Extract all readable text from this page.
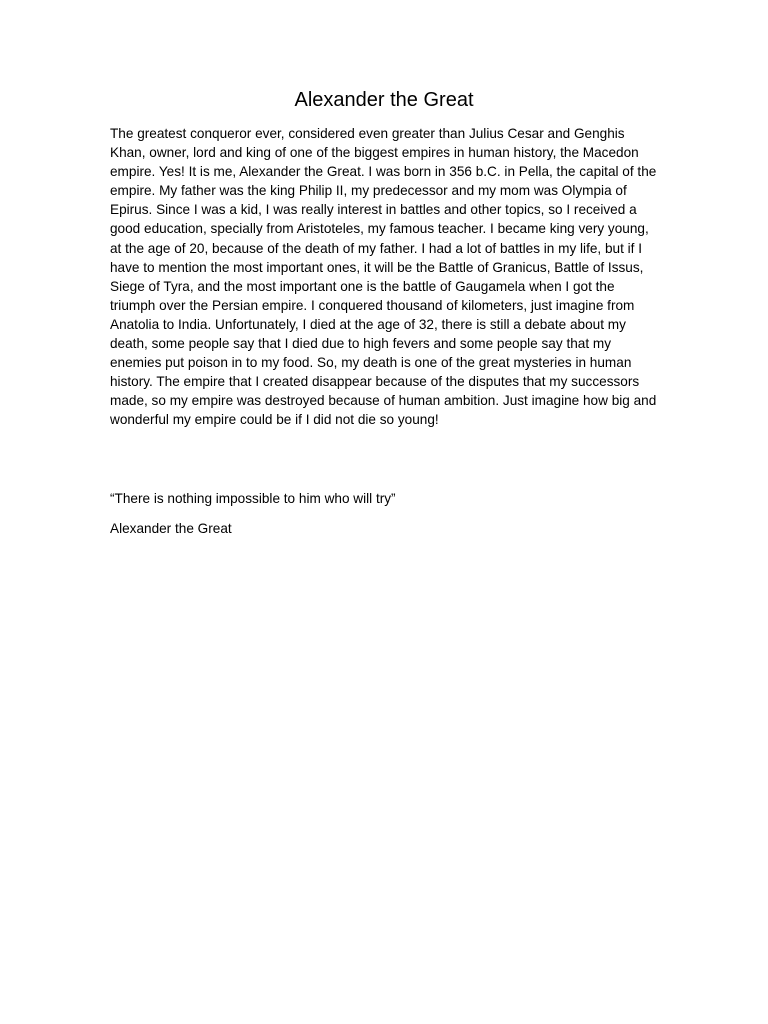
Alexander the Great

The greatest conqueror ever, considered even greater than Julius Cesar and Genghis Khan, owner, lord and king of one of the biggest empires in human history, the Macedon empire. Yes! It is me, Alexander the Great. I was born in 356 b.C. in Pella, the capital of the empire. My father was the king Philip II, my predecessor and my mom was Olympia of Epirus. Since I was a kid, I was really interest in battles and other topics, so I received a good education, specially from Aristoteles, my famous teacher. I became king very young, at the age of 20, because of the death of my father. I had a lot of battles in my life, but if I have to mention the most important ones, it will be the Battle of Granicus, Battle of Issus, Siege of Tyra, and the most important one is the battle of Gaugamela when I got the triumph over the Persian empire. I conquered thousand of kilometers, just imagine from Anatolia to India. Unfortunately, I died at the age of 32, there is still a debate about my death, some people say that I died due to high fevers and some people say that my enemies put poison in to my food. So, my death is one of the great mysteries in human history. The empire that I created disappear because of the disputes that my successors made, so my empire was destroyed because of human ambition. Just imagine how big and wonderful my empire could be if I did not die so young!

“There is nothing impossible to him who will try”

Alexander the Great
